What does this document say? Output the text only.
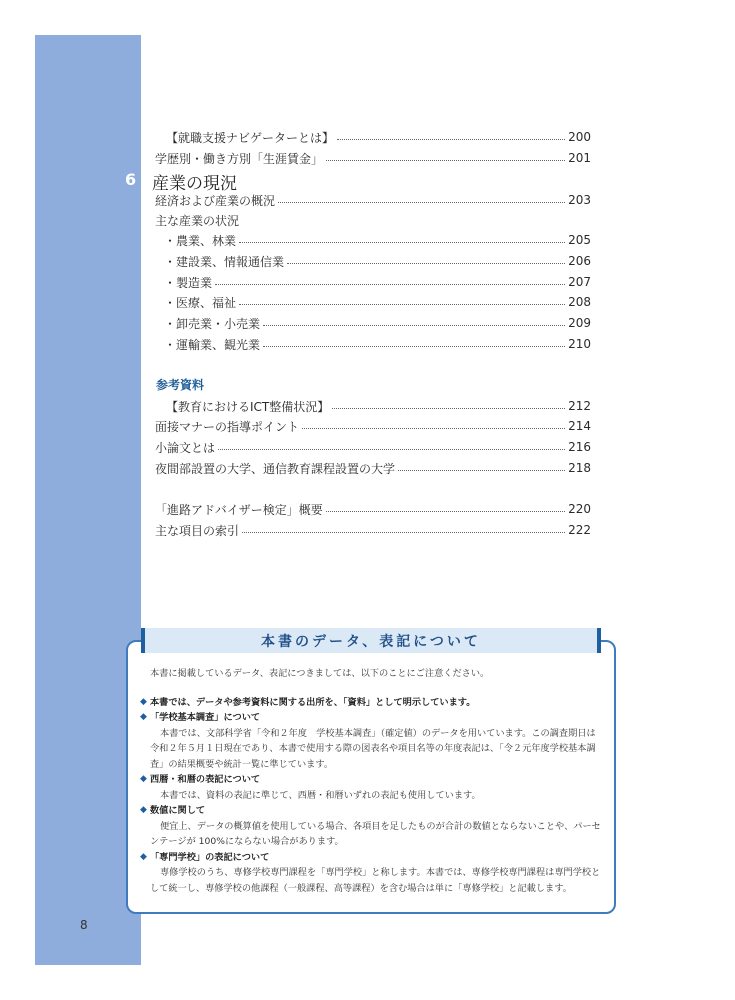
【就職支援ナビゲーターとは】	200
学歴別・働き方別「生涯賃金」	201
6 産業の現況
経済および産業の概況	203
主な産業の状況
・農業、林業	205
・建設業、情報通信業	206
・製造業	207
・医療、福祉	208
・卸売業・小売業	209
・運輸業、観光業	210
参考資料
【教育におけるICT整備状況】	212
面接マナーの指導ポイント	214
小論文とは	216
夜間部設置の大学、通信教育課程設置の大学	218
「進路アドバイザー検定」概要	220
主な項目の索引	222
本書のデータ、表記について

本書に掲載しているデータ、表記につきましては、以下のことにご注意ください。

◆ 本書では、データや参考資料に関する出所を、「資料」として明示しています。
◆ 「学校基本調査」について

本書では、文部科学省「令和２年度　学校基本調査」（確定値）のデータを用いています。この調査期日は令和２年５月１日現在であり、本書で使用する際の図表名や項目名等の年度表記は、「令２元年度学校基本調査」の結果概要や統計一覧に準じています。

◆ 西暦・和暦の表記について

本書では、資料の表記に準じて、西暦・和暦いずれの表記も使用しています。

◆ 数値に関して

便宜上、データの概算値を使用している場合、各項目を足したものが合計の数値とならないことや、パーセンテージが 100%にならない場合があります。

◆ 「専門学校」の表記について

専修学校のうち、専修学校専門課程を「専門学校」と称します。本書では、専修学校専門課程は専門学校として統一し、専修学校の他課程（一般課程、高等課程）を含む場合は単に「専修学校」と記載します。

8
